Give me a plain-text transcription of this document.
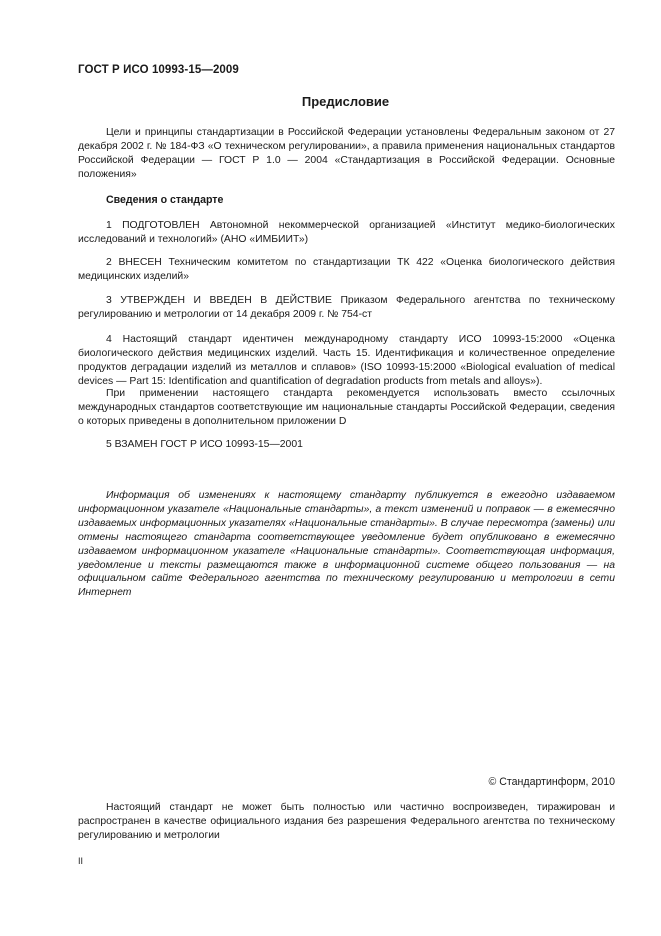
ГОСТ Р ИСО 10993-15—2009
Предисловие

Цели и принципы стандартизации в Российской Федерации установлены Федеральным законом от 27 декабря 2002 г. № 184-ФЗ «О техническом регулировании», а правила применения национальных стандартов Российской Федерации — ГОСТ Р 1.0 — 2004 «Стандартизация в Российской Федерации. Основные положения»

Сведения о стандарте

1 ПОДГОТОВЛЕН Автономной некоммерческой организацией «Институт медико-биологических исследований и технологий» (АНО «ИМБИИТ»)

2 ВНЕСЕН Техническим комитетом по стандартизации ТК 422 «Оценка биологического действия медицинских изделий»

3 УТВЕРЖДЕН И ВВЕДЕН В ДЕЙСТВИЕ Приказом Федерального агентства по техническому регулированию и метрологии от 14 декабря 2009 г. № 754-ст

4 Настоящий стандарт идентичен международному стандарту ИСО 10993-15:2000 «Оценка биологического действия медицинских изделий. Часть 15. Идентификация и количественное определение продуктов деградации изделий из металлов и сплавов» (ISO 10993-15:2000 «Biological evaluation of medical devices — Part 15: Identification and quantification of degradation products from metals and alloys»).

При применении настоящего стандарта рекомендуется использовать вместо ссылочных международных стандартов соответствующие им национальные стандарты Российской Федерации, сведения о которых приведены в дополнительном приложении D

5 ВЗАМЕН ГОСТ Р ИСО 10993-15—2001

Информация об изменениях к настоящему стандарту публикуется в ежегодно издаваемом информационном указателе «Национальные стандарты», а текст изменений и поправок — в ежемесячно издаваемых информационных указателях «Национальные стандарты». В случае пересмотра (замены) или отмены настоящего стандарта соответствующее уведомление будет опубликовано в ежемесячно издаваемом информационном указателе «Национальные стандарты». Соответствующая информация, уведомление и тексты размещаются также в информационной системе общего пользования — на официальном сайте Федерального агентства по техническому регулированию и метрологии в сети Интернет

© Стандартинформ, 2010

Настоящий стандарт не может быть полностью или частично воспроизведен, тиражирован и распространен в качестве официального издания без разрешения Федерального агентства по техническому регулированию и метрологии

II
